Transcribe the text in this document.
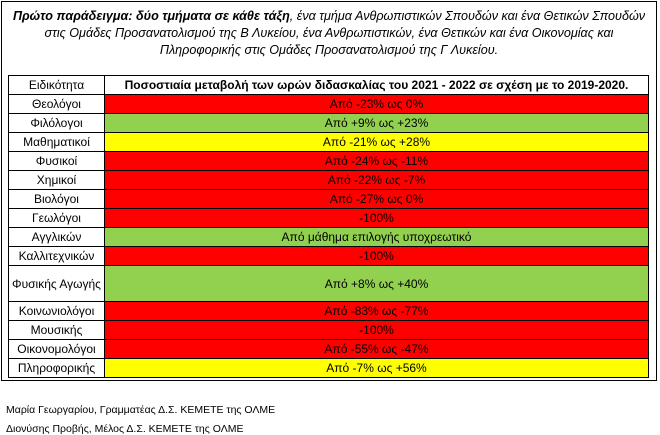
Πρώτο παράδειγμα: δύο τμήματα σε κάθε τάξη, ένα τμήμα Ανθρωπιστικών Σπουδών και ένα Θετικών Σπουδών στις Ομάδες Προσανατολισμού της Β Λυκείου, ένα Ανθρωπιστικών, ένα Θετικών και ένα Οικονομίας και Πληροφορικής στις Ομάδες Προσανατολισμού της Γ Λυκείου.
Ειδικότητα	Ποσοστιαία μεταβολή των ωρών διδασκαλίας του 2021 - 2022 σε σχέση με το 2019-2020.
Θεολόγοι	Από -23% ως 0%
Φιλόλογοι	Από +9% ως +23%
Μαθηματικοί	Από -21% ως +28%
Φυσικοί	Από -24% ως -11%
Χημικοί	Από -22% ως -7%
Βιολόγοι	Από -27% ως 0%
Γεωλόγοι	-100%
Αγγλικών	Από μάθημα επιλογής υποχρεωτικό
Καλλιτεχνικών	-100%
Φυσικής Αγωγής	Από +8% ως +40%
Κοινωνιολόγοι	Από -83% ως -77%
Μουσικής	-100%
Οικονομολόγοι	Από -55% ως -47%
Πληροφορικής	Από -7% ως +56%
Μαρία Γεωργαρίου, Γραμματέας Δ.Σ. ΚΕΜΕΤΕ της ΟΛΜΕ
Διονύσης Προβής, Μέλος Δ.Σ. ΚΕΜΕΤΕ της ΟΛΜΕ
